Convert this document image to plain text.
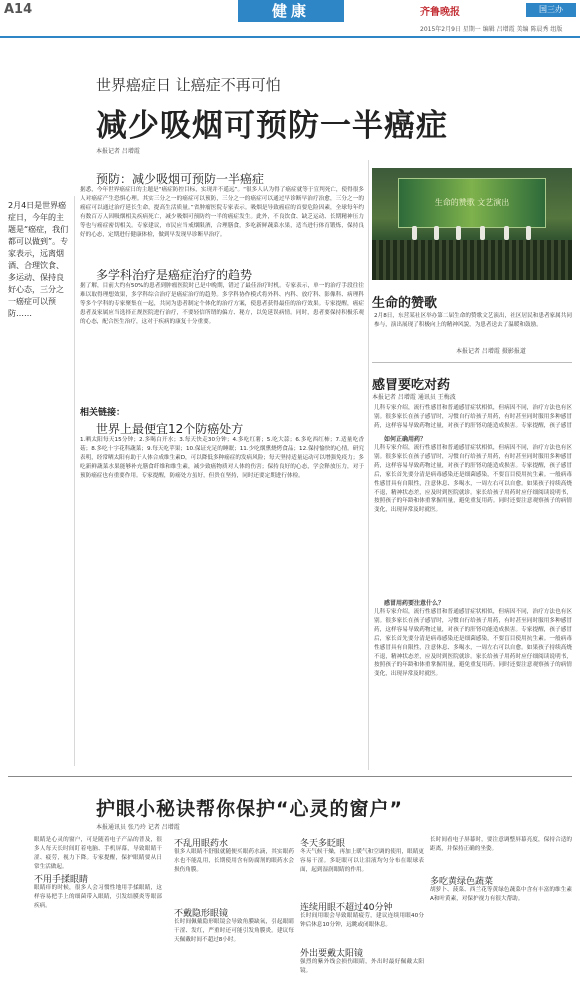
A14	健康	齐鲁晚报	国三办
2015年2月9日 星期一 编辑 吕增霞 美编 陈晨秀 组版
世界癌症日 让癌症不再可怕
减少吸烟可预防一半癌症
本报记者 吕增霞
2月4日是世界癌症日，今年的主题是“癌症，我们都可以做到”。专家表示，远离烟酒、合理饮食、多运动、保持良好心态，三分之一癌症可以预防……
预防：减少吸烟可预防一半癌症
据悉，今年世界癌症日的主题是“癌症防控目标，实现并不遥远”。“很多人认为得了癌症就等于宣判死亡，使得很多人对癌症产生恐惧心理。其实三分之一的癌症可以预防，三分之一的癌症可以通过早诊断早治疗治愈，三分之一的癌症可以通过治疗延长生命，提高生活质量。”省肿瘤医院专家表示。吸烟是导致癌症的首要危险因素，全球每年约有数百万人因吸烟相关疾病死亡，减少吸烟可预防约一半的癌症发生。此外，不良饮食、缺乏运动、长期精神压力等也与癌症密切相关。专家建议，市民应当戒烟限酒，合理膳食，多吃新鲜蔬菜水果，适当进行体育锻炼，保持良好的心态，定期进行健康体检，做到早发现早诊断早治疗。
多学科治疗是癌症治疗的趋势
据了解，目前大约有50%的患者到肿瘤医院时已是中晚期，错过了最佳治疗时机。专家表示，单一的治疗手段往往难以取得理想效果，多学科综合治疗是癌症治疗的趋势。多学科协作模式将外科、内科、放疗科、影像科、病理科等多个学科的专家聚集在一起，共同为患者制定个体化的治疗方案，使患者获得最佳的治疗效果。专家提醒，癌症患者及家属应当选择正规医院进行治疗，不要轻信所谓的偏方、秘方，以免延误病情。同时，患者要保持积极乐观的心态，配合医生治疗，这对于疾病的康复十分重要。
相关链接：
世界上最便宜12个防癌处方
1.晒太阳每天15分钟；2.多喝白开水；3.每天快走30分钟；4.多吃红薯；5.吃大蒜；6.多吃西红柿；7.适量吃香菇；8.多吃十字花科蔬菜；9.每天吃苹果；10.保证充足的睡眠；11.少吃烟熏烧烤食品；12.保持愉快的心情。研究表明，经常晒太阳有助于人体合成维生素D，可以降低多种癌症的发病风险；每天坚持适量运动可以增强免疫力；多吃新鲜蔬菜水果能够补充膳食纤维和维生素，减少致癌物质对人体的伤害；保持良好的心态，学会释放压力，对于预防癌症也有重要作用。专家提醒，防癌处方虽好，但贵在坚持，同时还要定期进行体检。
生命的赞歌 文艺演出
生命的赞歌
2月8日，东营某社区举办第二届生命的赞歌文艺演出，社区居民和患者家属共同参与，演出展现了积极向上的精神风貌，为患者送去了温暖和鼓励。
本报记者 吕增霞 摄影报道
感冒要吃对药
本报记者 吕增霞 通讯员 王梅波
儿科专家介绍，流行性感冒和普通感冒症状相似，但病因不同，治疗方法也有区别。很多家长在孩子感冒时，习惯自行给孩子用药，有时甚至同时服用多种感冒药，这样容易导致药物过量，对孩子的肝肾功能造成损害。专家提醒，孩子感冒
如何正确用药？
儿科专家介绍，流行性感冒和普通感冒症状相似，但病因不同，治疗方法也有区别。很多家长在孩子感冒时，习惯自行给孩子用药，有时甚至同时服用多种感冒药，这样容易导致药物过量，对孩子的肝肾功能造成损害。专家提醒，孩子感冒后，家长首先要分清是病毒感染还是细菌感染，不要盲目使用抗生素。一般病毒性感冒具有自限性，注意休息、多喝水，一周左右可以自愈。如果孩子持续高烧不退，精神状态差，应及时到医院就诊。家长给孩子用药时应仔细阅读说明书，按照孩子的年龄和体重掌握用量，避免重复用药。同时还要注意观察孩子的病情变化，出现异常及时就医。
感冒用药要注意什么？
儿科专家介绍，流行性感冒和普通感冒症状相似，但病因不同，治疗方法也有区别。很多家长在孩子感冒时，习惯自行给孩子用药，有时甚至同时服用多种感冒药，这样容易导致药物过量，对孩子的肝肾功能造成损害。专家提醒，孩子感冒后，家长首先要分清是病毒感染还是细菌感染，不要盲目使用抗生素。一般病毒性感冒具有自限性，注意休息、多喝水，一周左右可以自愈。如果孩子持续高烧不退，精神状态差，应及时到医院就诊。家长给孩子用药时应仔细阅读说明书，按照孩子的年龄和体重掌握用量，避免重复用药。同时还要注意观察孩子的病情变化，出现异常及时就医。
护眼小秘诀帮你保护“心灵的窗户”
本报通讯员 张乃玲 记者 吕增霞
眼睛是心灵的窗户，可是随着电子产品的普及，很多人每天长时间盯着电脑、手机屏幕，导致眼睛干涩、疲劳，视力下降。专家提醒，保护眼睛要从日常生活做起。
不用手揉眼睛
眼睛痒的时候，很多人会习惯性地用手揉眼睛，这样容易把手上的细菌带入眼睛，引发结膜炎等眼部疾病。
不乱用眼药水
很多人眼睛不舒服就随便买眼药水滴，其实眼药水也不能乱用，长期使用含有防腐剂的眼药水会损伤角膜。
不戴隐形眼镜
长时间佩戴隐形眼镜会导致角膜缺氧，引起眼睛干涩、发红，严重时还可能引发角膜炎。建议每天佩戴时间不超过8小时。
冬天多眨眼
冬天气候干燥，再加上暖气和空调的使用，眼睛更容易干涩。多眨眼可以让泪液均匀分布在眼球表面，起到湿润眼睛的作用。
连续用眼不超过40分钟
长时间用眼会导致眼睛疲劳，建议连续用眼40分钟后休息10分钟，远眺或闭眼休息。
外出要戴太阳镜
强烈的紫外线会损伤眼睛，外出时最好佩戴太阳镜。
长时间看电子屏幕时，要注意调整屏幕亮度，保持合适的距离，并保持正确的坐姿。
多吃黄绿色蔬菜
胡萝卜、菠菜、西兰花等黄绿色蔬菜中含有丰富的维生素A和叶黄素，对保护视力有很大帮助。
